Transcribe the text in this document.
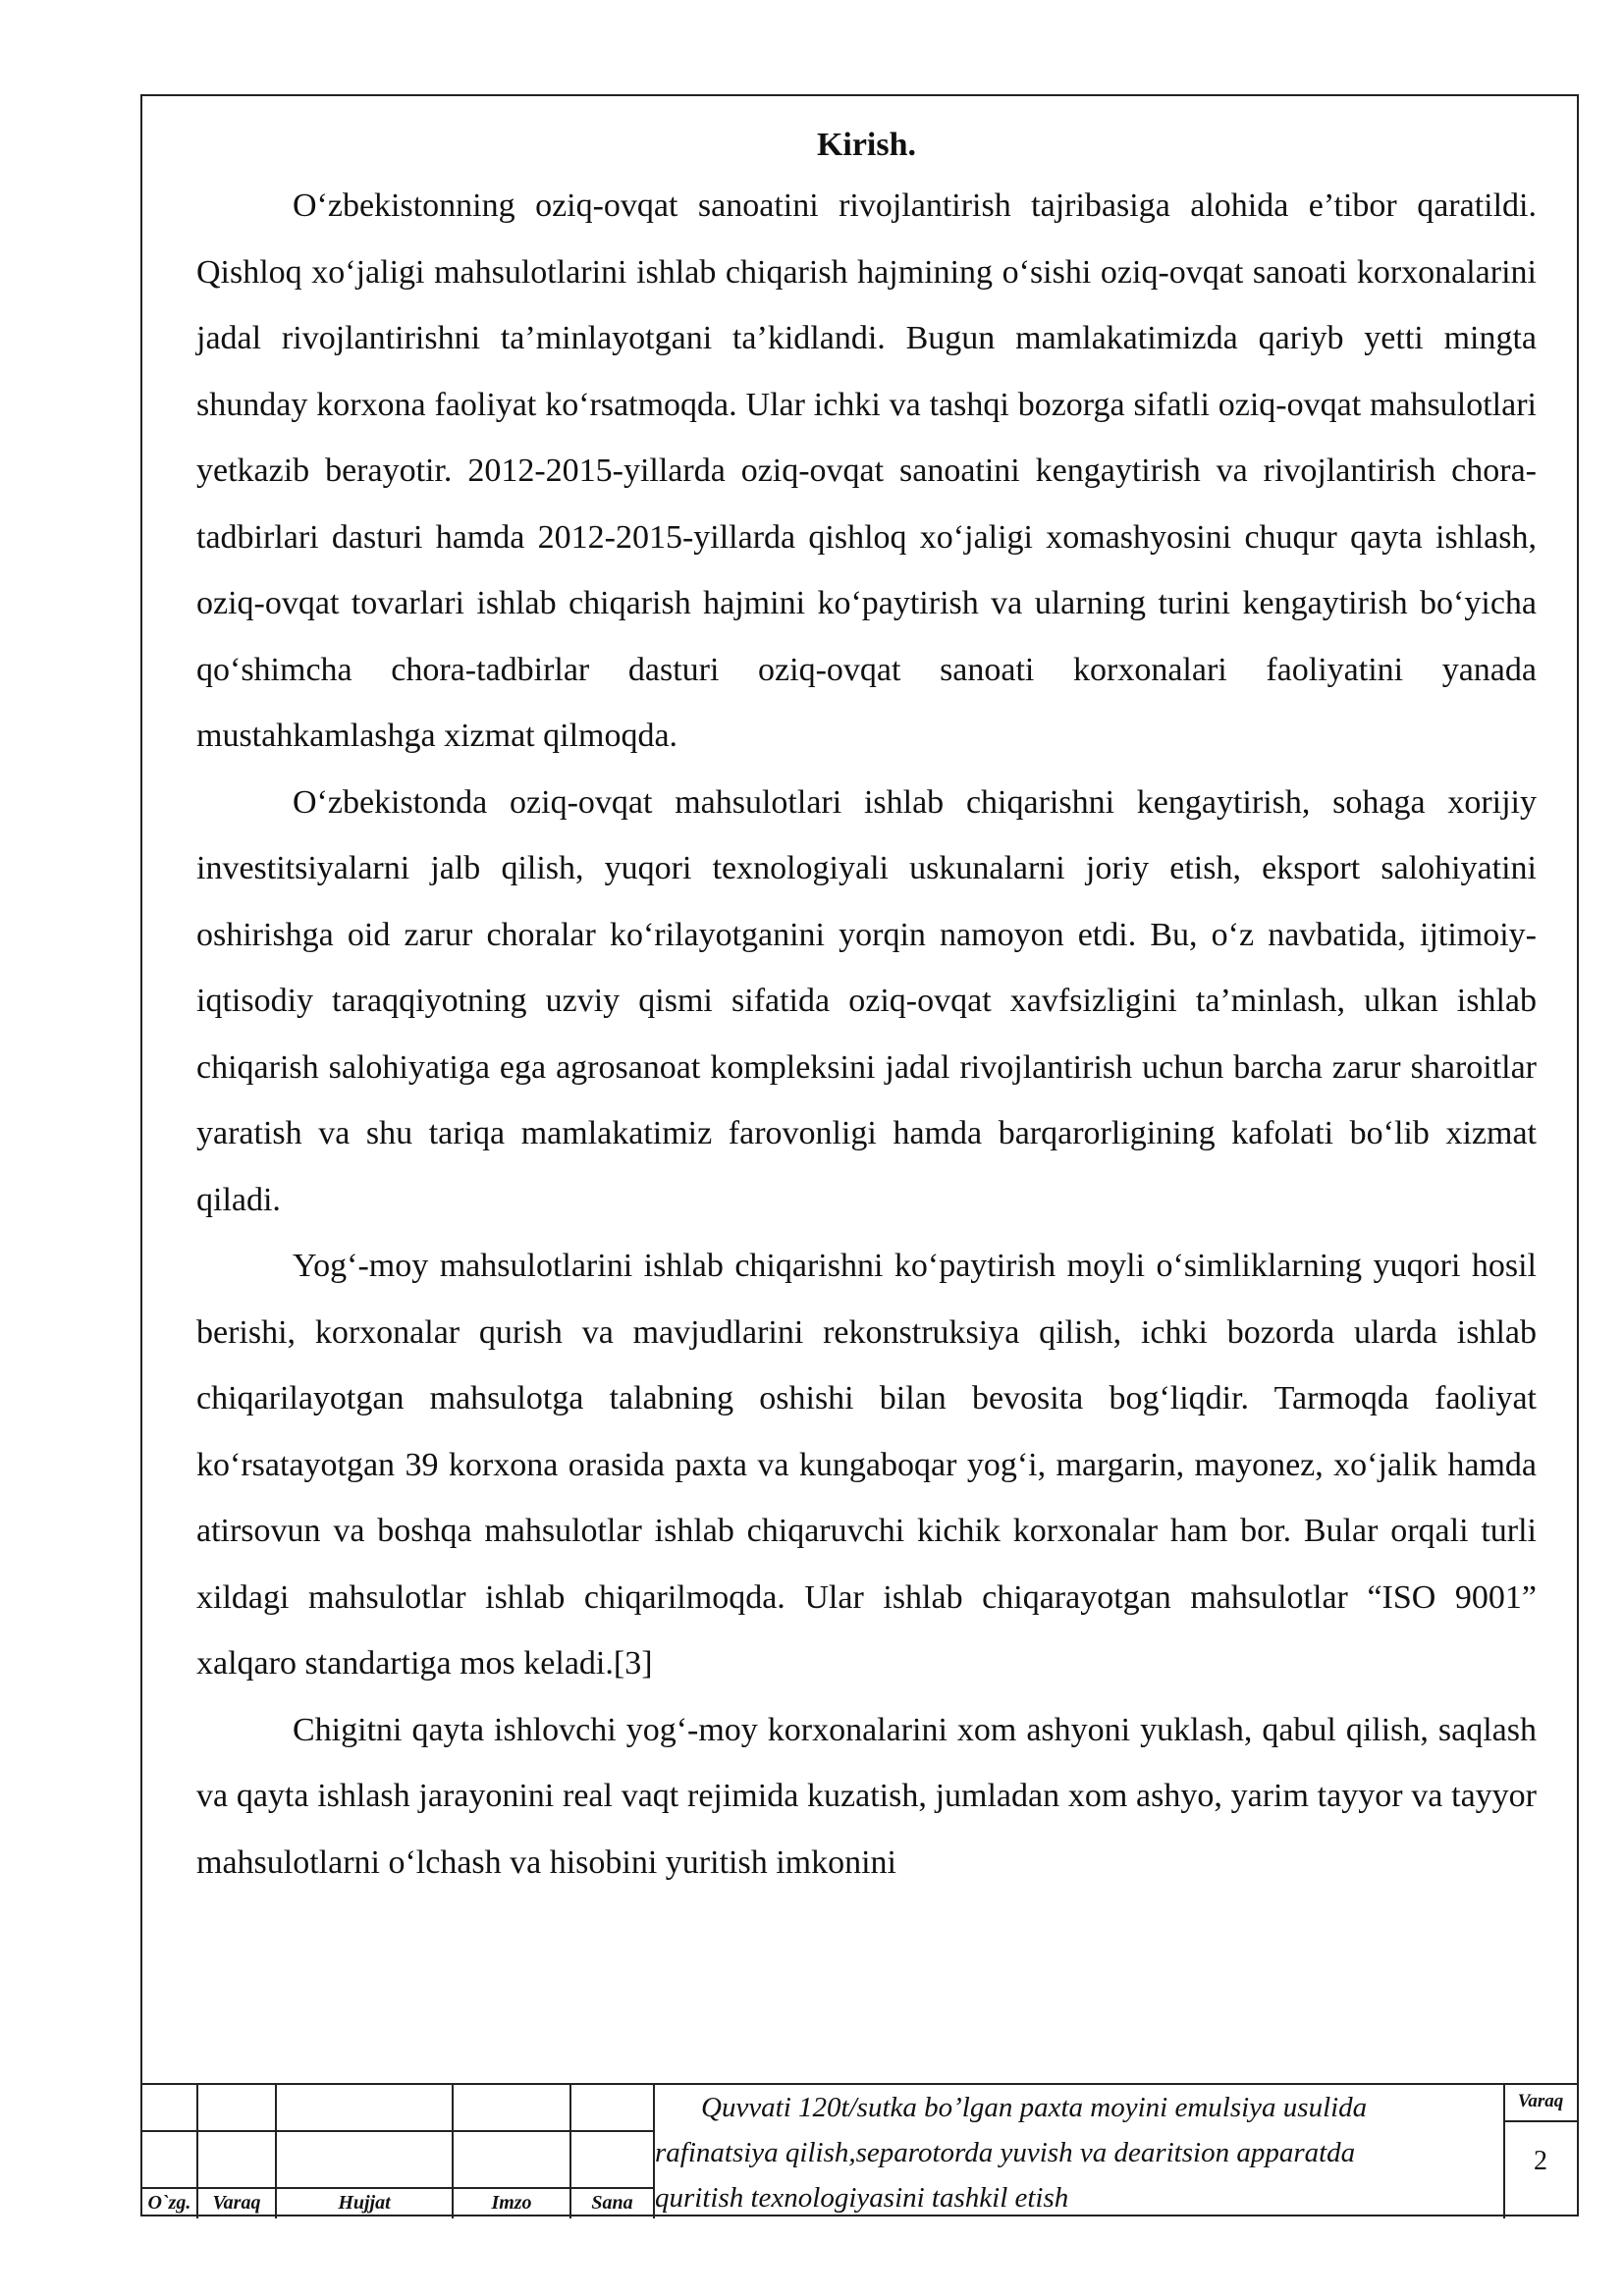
Kirish.

O‘zbekistonning oziq-ovqat sanoatini rivojlantirish tajribasiga alohida e’tibor qaratildi. Qishloq xo‘jaligi mahsulotlarini ishlab chiqarish hajmining o‘sishi oziq-ovqat sanoati korxonalarini jadal rivojlantirishni ta’minlayotgani ta’kidlandi. Bugun mamlakatimizda qariyb yetti mingta shunday korxona faoliyat ko‘rsatmoqda. Ular ichki va tashqi bozorga sifatli oziq-ovqat mahsulotlari yetkazib berayotir. 2012-2015-yillarda oziq-ovqat sanoatini kengaytirish va rivojlantirish chora-tadbirlari dasturi hamda 2012-2015-yillarda qishloq xo‘jaligi xomashyosini chuqur qayta ishlash, oziq-ovqat tovarlari ishlab chiqarish hajmini ko‘paytirish va ularning turini kengaytirish bo‘yicha qo‘shimcha chora-tadbirlar dasturi oziq-ovqat sanoati korxonalari faoliyatini yanada mustahkamlashga xizmat qilmoqda.

O‘zbekistonda oziq-ovqat mahsulotlari ishlab chiqarishni kengaytirish, sohaga xorijiy investitsiyalarni jalb qilish, yuqori texnologiyali uskunalarni joriy etish, eksport salohiyatini oshirishga oid zarur choralar ko‘rilayotganini yorqin namoyon etdi. Bu, o‘z navbatida, ijtimoiy-iqtisodiy taraqqiyotning uzviy qismi sifatida oziq-ovqat xavfsizligini ta’minlash, ulkan ishlab chiqarish salohiyatiga ega agrosanoat kompleksini jadal rivojlantirish uchun barcha zarur sharoitlar yaratish va shu tariqa mamlakatimiz farovonligi hamda barqarorligining kafolati bo‘lib xizmat qiladi.

Yog‘-moy mahsulotlarini ishlab chiqarishni ko‘paytirish moyli o‘simliklarning yuqori hosil berishi, korxonalar qurish va mavjudlarini rekonstruksiya qilish, ichki bozorda ularda ishlab chiqarilayotgan mahsulotga talabning oshishi bilan bevosita bog‘liqdir. Tarmoqda faoliyat ko‘rsatayotgan 39 korxona orasida paxta va kungaboqar yog‘i, margarin, mayonez, xo‘jalik hamda atirsovun va boshqa mahsulotlar ishlab chiqaruvchi kichik korxonalar ham bor. Bular orqali turli xildagi mahsulotlar ishlab chiqarilmoqda. Ular ishlab chiqarayotgan mahsulotlar “ISO 9001” xalqaro standartiga mos keladi.[3]

Chigitni qayta ishlovchi yog‘-moy korxonalarini xom ashyoni yuklash, qabul qilish, saqlash va qayta ishlash jarayonini real vaqt rejimida kuzatish, jumladan xom ashyo, yarim tayyor va tayyor mahsulotlarni o‘lchash va hisobini yuritish imkonini

O`zg.	Varaq	Hujjat	Imzo	Sana
Quvvati 120t/sutka bo’lgan paxta moyini emulsiya usulida
rafinatsiya qilish,separotorda yuvish va dearitsion apparatda
quritish texnologiyasini tashkil etish
Varaq
2
